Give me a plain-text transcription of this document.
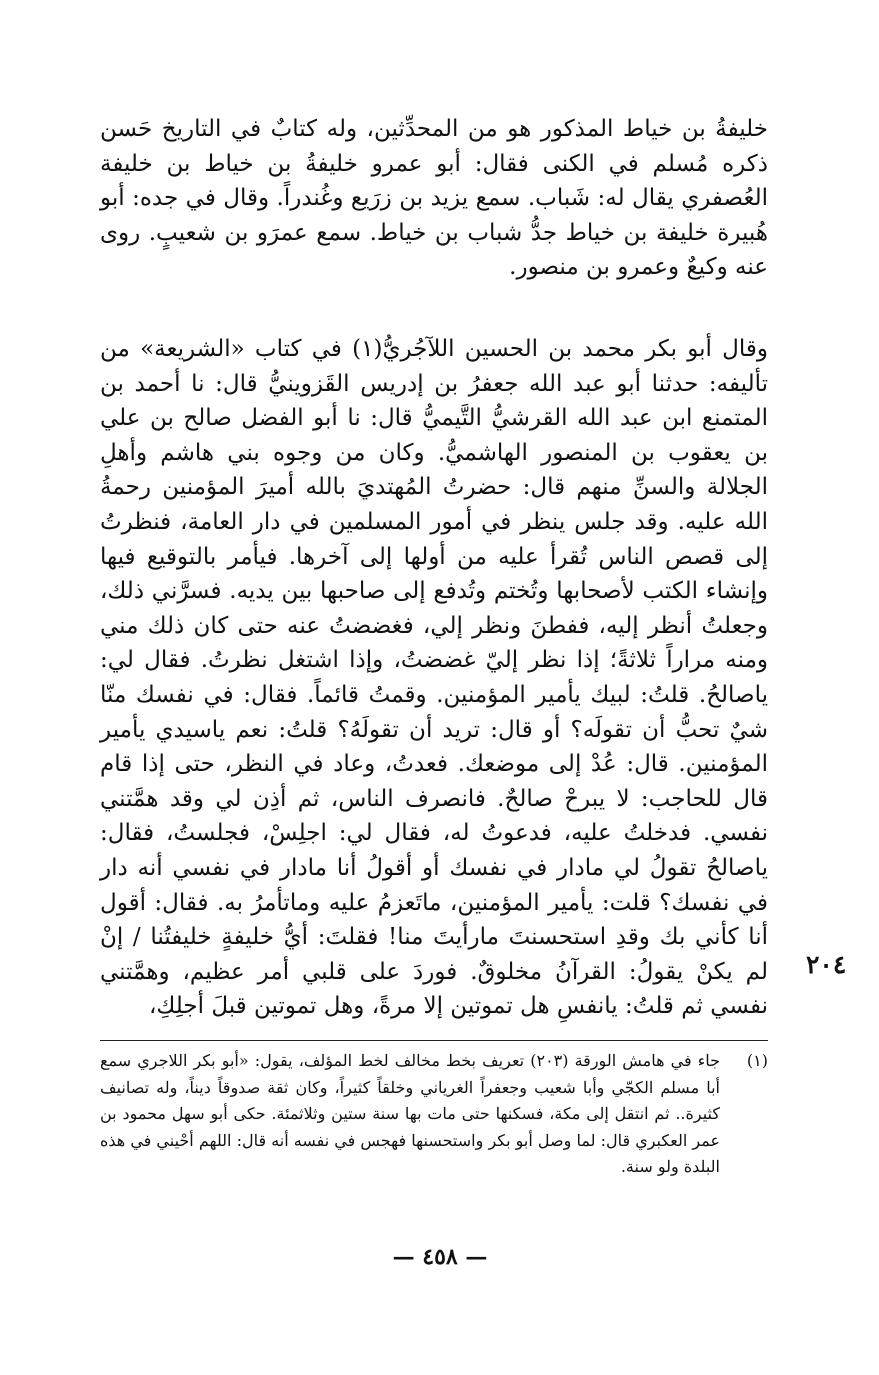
خليفةُ بن خياط المذكور هو من المحدِّثين، وله كتابٌ في التاريخ حَسن ذكره مُسلم في الكنى فقال: أبو عمرو خليفةُ بن خياط بن خليفة العُصفري يقال له: شَباب. سمع يزيد بن زرَيع وغُندراً. وقال في جده: أبو هُبيرة خليفة بن خياط جدُّ شباب بن خياط. سمع عمرَو بن شعيبٍ. روى عنه وكيعٌ وعمرو بن منصور.

وقال أبو بكر محمد بن الحسين اللآجُريُّ(١) في كتاب «الشريعة» من تأليفه: حدثنا أبو عبد الله جعفرُ بن إدريس القَزوينيُّ قال: نا أحمد بن المتمنع ابن عبد الله القرشيُّ التَّيميُّ قال: نا أبو الفضل صالح بن علي بن يعقوب بن المنصور الهاشميُّ. وكان من وجوه بني هاشم وأهلِ الجلالة والسنِّ منهم قال: حضرتُ المُهتديَ بالله أميرَ المؤمنين رحمةُ الله عليه. وقد جلس ينظر في أمور المسلمين في دار العامة، فنظرتُ إلى قصص الناس تُقرأ عليه من أولها إلى آخرها. فيأمر بالتوقيع فيها وإنشاء الكتب لأصحابها وتُختم وتُدفع إلى صاحبها بين يديه. فسرَّني ذلك، وجعلتُ أنظر إليه، ففطنَ ونظر إلي، فغضضتُ عنه حتى كان ذلك مني ومنه مراراً ثلاثةً؛ إذا نظر إليّ غضضتُ، وإذا اشتغل نظرتُ. فقال لي: ياصالحُ. قلتُ: لبيك يأمير المؤمنين. وقمتُ قائماً. فقال: في نفسك منّا شيٌ تحبُّ أن تقولَه؟ أو قال: تريد أن تقولَهُ؟ قلتُ: نعم ياسيدي يأمير المؤمنين. قال: عُدْ إلى موضعك. فعدتُ، وعاد في النظر، حتى إذا قام قال للحاجب: لا يبرحْ صالحٌ. فانصرف الناس، ثم أذِن لي وقد همَّتني نفسي. فدخلتُ عليه، فدعوتُ له، فقال لي: اجلِسْ، فجلستُ، فقال: ياصالحُ تقولُ لي مادار في نفسك أو أقولُ أنا مادار في نفسي أنه دار في نفسك؟ قلت: يأمير المؤمنين، ماتَعزمُ عليه وماتأمرُ به. فقال: أقول أنا كأني بك وقدِ استحسنتَ مارأيتَ منا! فقلتَ: أيُّ خليفةٍ خليفتُنا / إنْ لم يكنْ يقولُ: القرآنُ مخلوقٌ. فوردَ على قلبي أمر عظيم، وهمَّتني نفسي ثم قلتُ: يانفسِ هل تموتين إلا مرةً، وهل تموتين قبلَ أجلِكِ،

٢٠٤
(١)
جاء في هامش الورقة (٢٠٣) تعريف بخط مخالف لخط المؤلف، يقول: «أبو بكر اللاجري سمع أبا مسلم الكجّي وأبا شعيب وجعفراً الغرياني وخلقاً كثيراً، وكان ثقة صدوقاً ديناً، وله تصانيف كثيرة.. ثم انتقل إلى مكة، فسكنها حتى مات بها سنة ستين وثلاثمئة. حكى أبو سهل محمود بن عمر العكبري قال: لما وصل أبو بكر واستحسنها فهجس في نفسه أنه قال: اللهم أحْيني في هذه البلدة ولو سنة.
— ٤٥٨ —
